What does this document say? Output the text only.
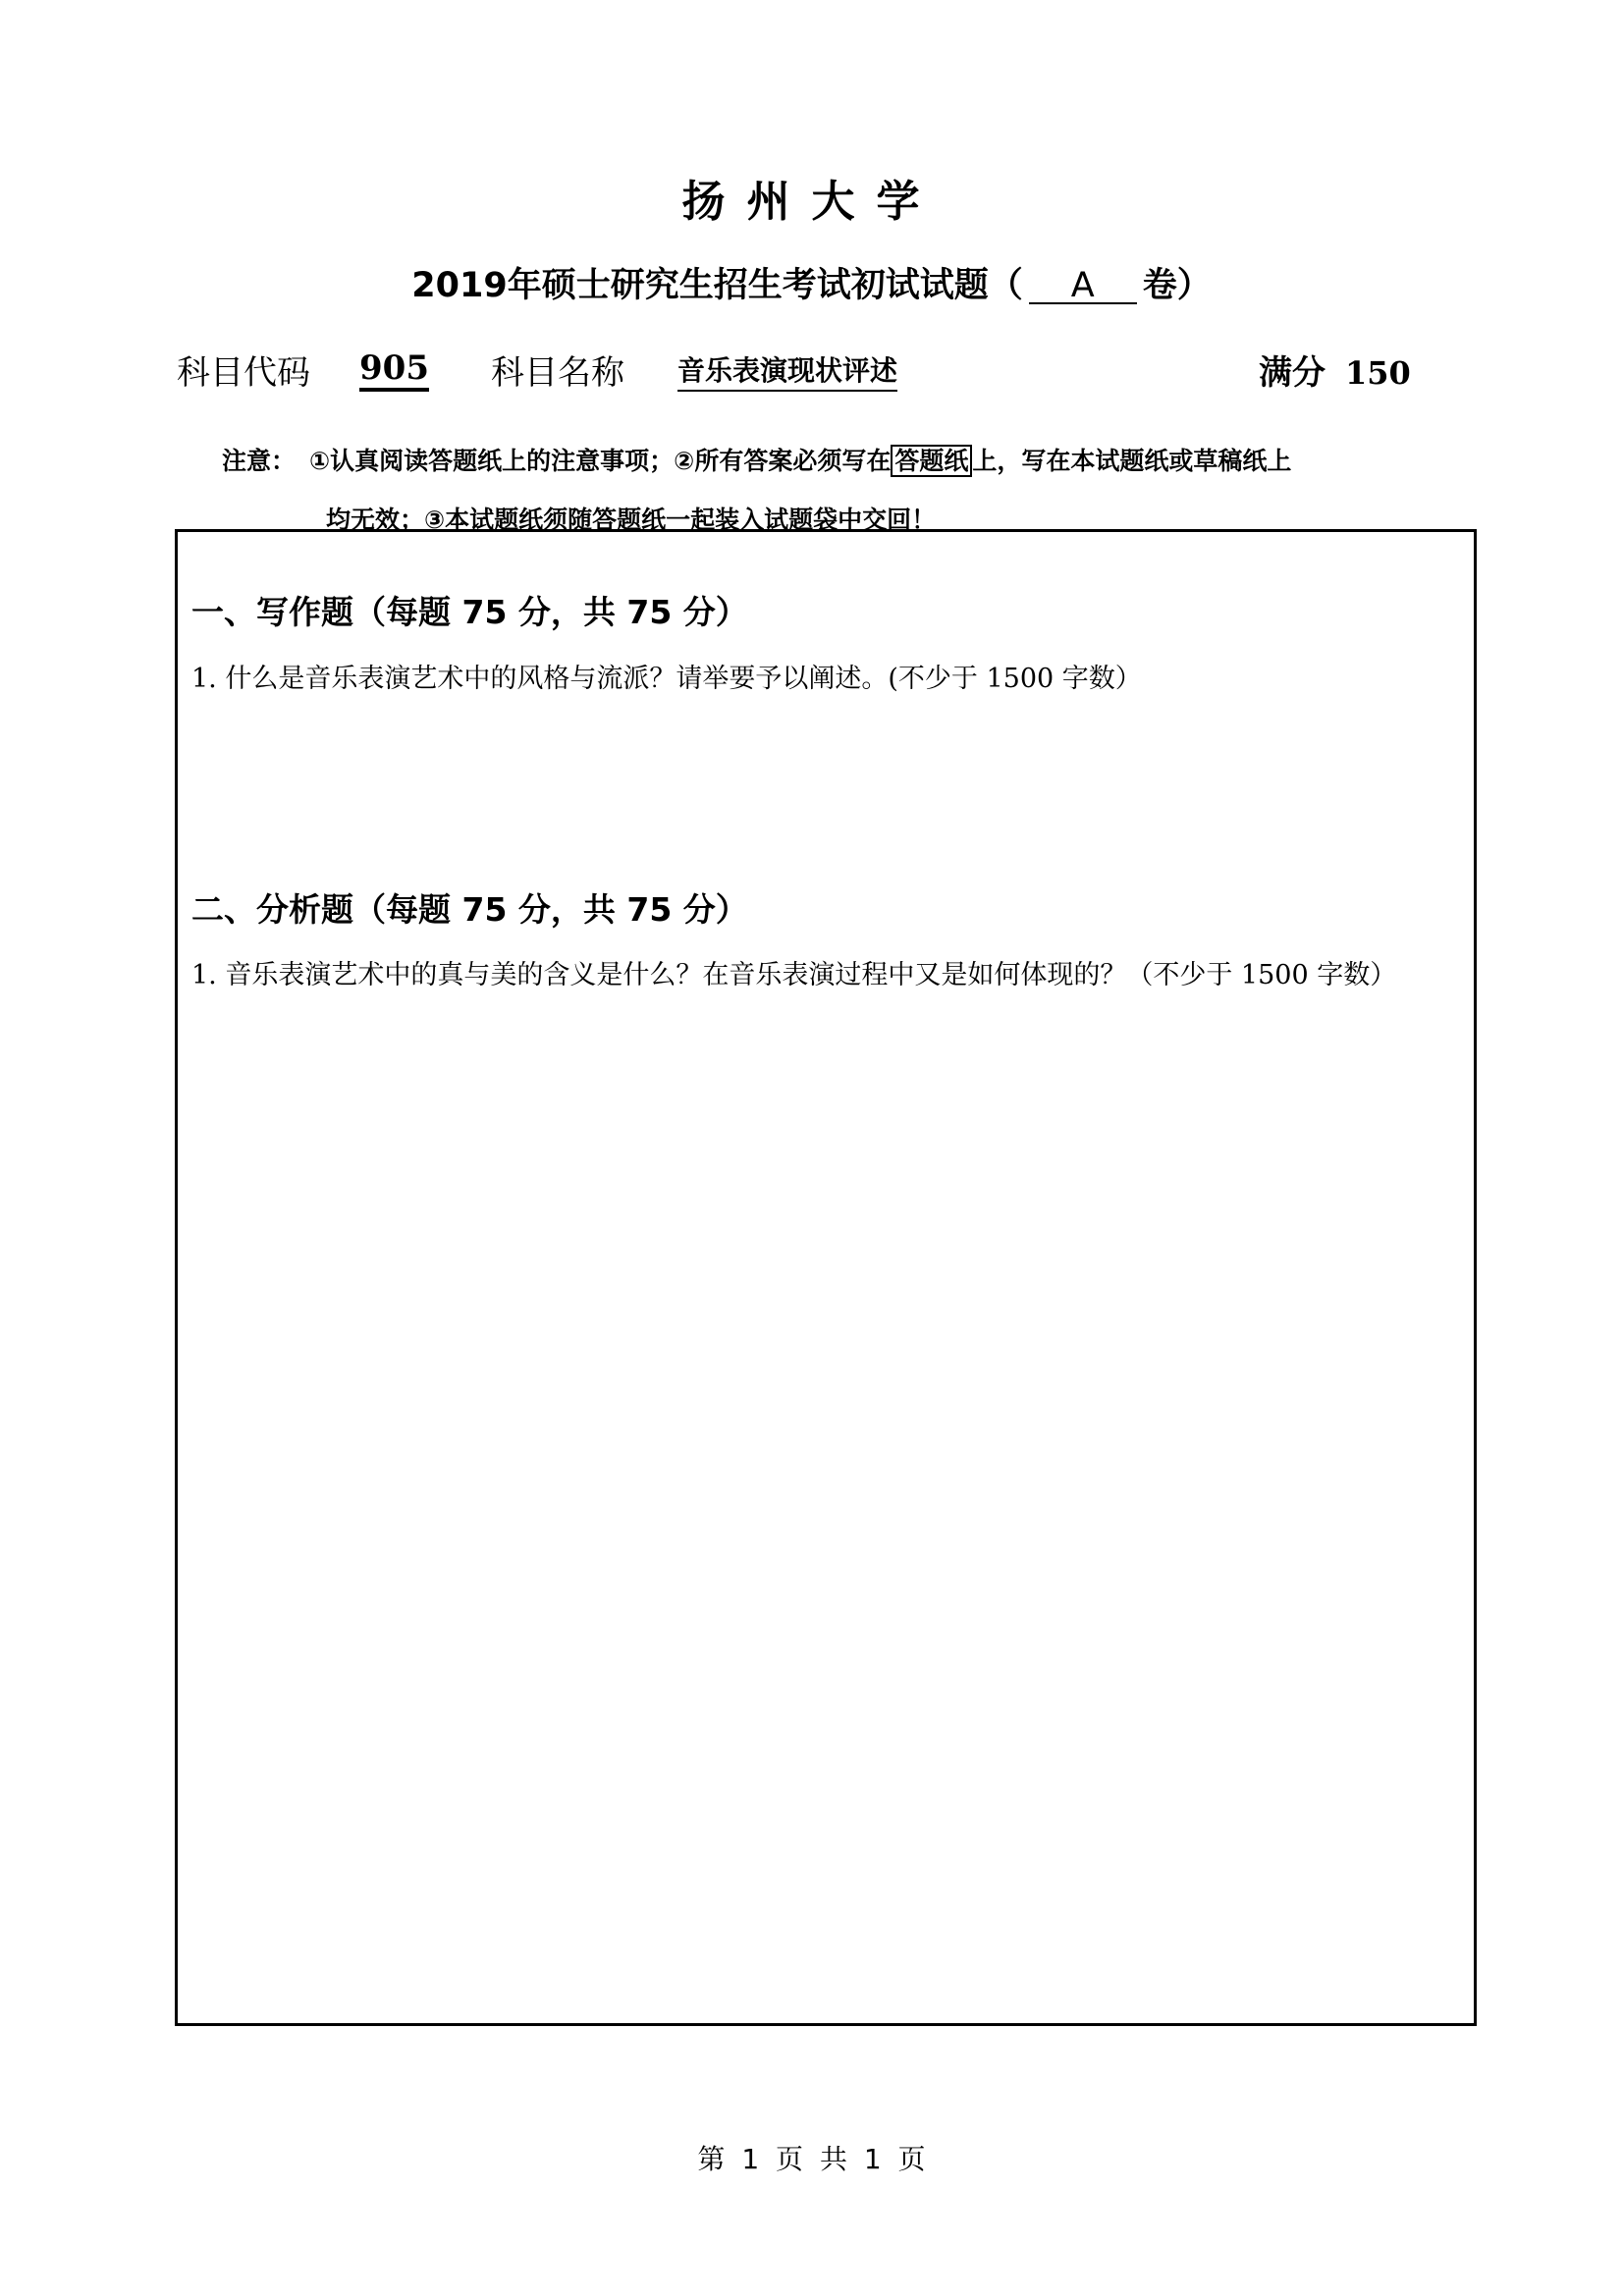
扬州大学
2019年硕士研究生招生考试初试试题（ A 卷）
科目代码 905 科目名称 音乐表演现状评述	满分 150
注意： ①认真阅读答题纸上的注意事项；②所有答案必须写在 答题纸 上，写在本试题纸或草稿纸上
均无效；③本试题纸须随答题纸一起装入试题袋中交回！
一、写作题（每题 75 分，共 75 分）
1. 什么是音乐表演艺术中的风格与流派？请举要予以阐述。(不少于 1500 字数）
二、分析题（每题 75 分，共 75 分）
1. 音乐表演艺术中的真与美的含义是什么？在音乐表演过程中又是如何体现的？（不少于 1500 字数）
第 1 页 共 1 页
